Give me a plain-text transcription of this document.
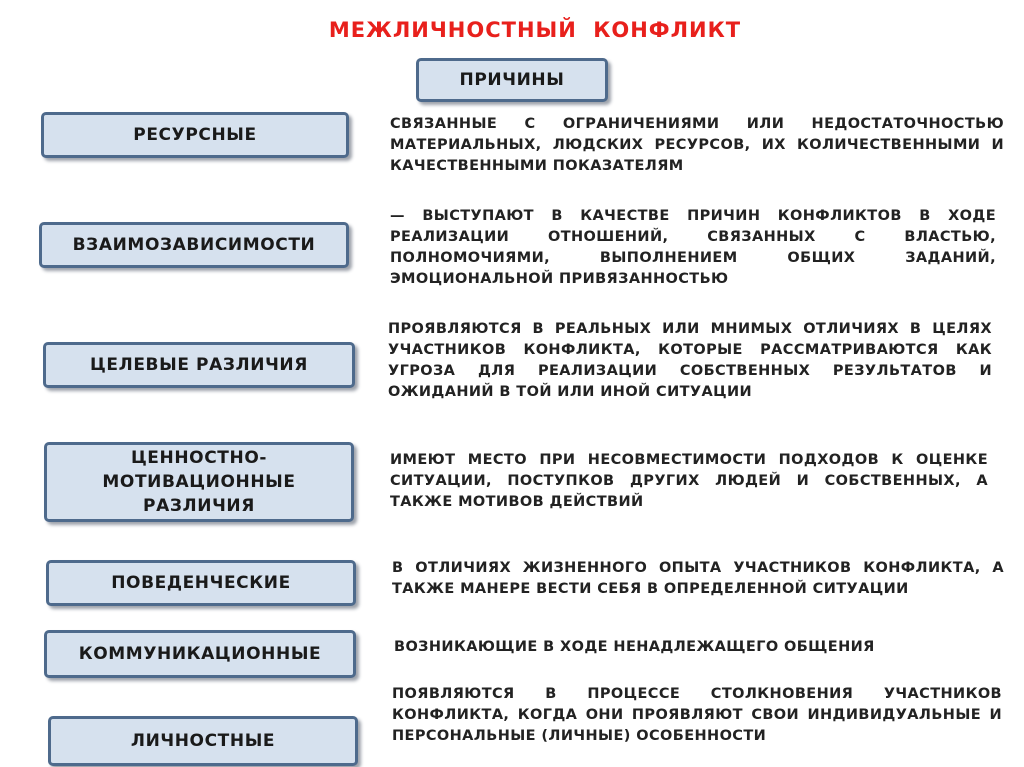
МЕЖЛИЧНОСТНЫЙ КОНФЛИКТ
ПРИЧИНЫ
РЕСУРСНЫЕ
СВЯЗАННЫЕ С ОГРАНИЧЕНИЯМИ ИЛИ НЕДОСТАТОЧНОСТЬЮ МАТЕРИАЛЬНЫХ, ЛЮДСКИХ РЕСУРСОВ, ИХ КОЛИЧЕСТВЕННЫМИ И КАЧЕСТВЕННЫМИ ПОКАЗАТЕЛЯМ
ВЗАИМОЗАВИСИМОСТИ
— ВЫСТУПАЮТ В КАЧЕСТВЕ ПРИЧИН КОНФЛИКТОВ В ХОДЕ РЕАЛИЗАЦИИ ОТНОШЕНИЙ, СВЯЗАННЫХ С ВЛАСТЬЮ, ПОЛНОМОЧИЯМИ, ВЫПОЛНЕНИЕМ ОБЩИХ ЗАДАНИЙ, ЭМОЦИОНАЛЬНОЙ ПРИВЯЗАННОСТЬЮ
ЦЕЛЕВЫЕ РАЗЛИЧИЯ
ПРОЯВЛЯЮТСЯ В РЕАЛЬНЫХ ИЛИ МНИМЫХ ОТЛИЧИЯХ В ЦЕЛЯХ УЧАСТНИКОВ КОНФЛИКТА, КОТОРЫЕ РАССМАТРИВАЮТСЯ КАК УГРОЗА ДЛЯ РЕАЛИЗАЦИИ СОБСТВЕННЫХ РЕЗУЛЬТАТОВ И ОЖИДАНИЙ В ТОЙ ИЛИ ИНОЙ СИТУАЦИИ
ЦЕННОСТНО-МОТИВАЦИОННЫЕ РАЗЛИЧИЯ
ИМЕЮТ МЕСТО ПРИ НЕСОВМЕСТИМОСТИ ПОДХОДОВ К ОЦЕНКЕ СИТУАЦИИ, ПОСТУПКОВ ДРУГИХ ЛЮДЕЙ И СОБСТВЕННЫХ, А ТАКЖЕ МОТИВОВ ДЕЙСТВИЙ
ПОВЕДЕНЧЕСКИЕ
В ОТЛИЧИЯХ ЖИЗНЕННОГО ОПЫТА УЧАСТНИКОВ КОНФЛИКТА, А ТАКЖЕ МАНЕРЕ ВЕСТИ СЕБЯ В ОПРЕДЕЛЕННОЙ СИТУАЦИИ
КОММУНИКАЦИОННЫЕ	ВОЗНИКАЮЩИЕ В ХОДЕ НЕНАДЛЕЖАЩЕГО ОБЩЕНИЯ
ЛИЧНОСТНЫЕ
ПОЯВЛЯЮТСЯ В ПРОЦЕССЕ СТОЛКНОВЕНИЯ УЧАСТНИКОВ КОНФЛИКТА, КОГДА ОНИ ПРОЯВЛЯЮТ СВОИ ИНДИВИДУАЛЬНЫЕ И ПЕРСОНАЛЬНЫЕ (ЛИЧНЫЕ) ОСОБЕННОСТИ
